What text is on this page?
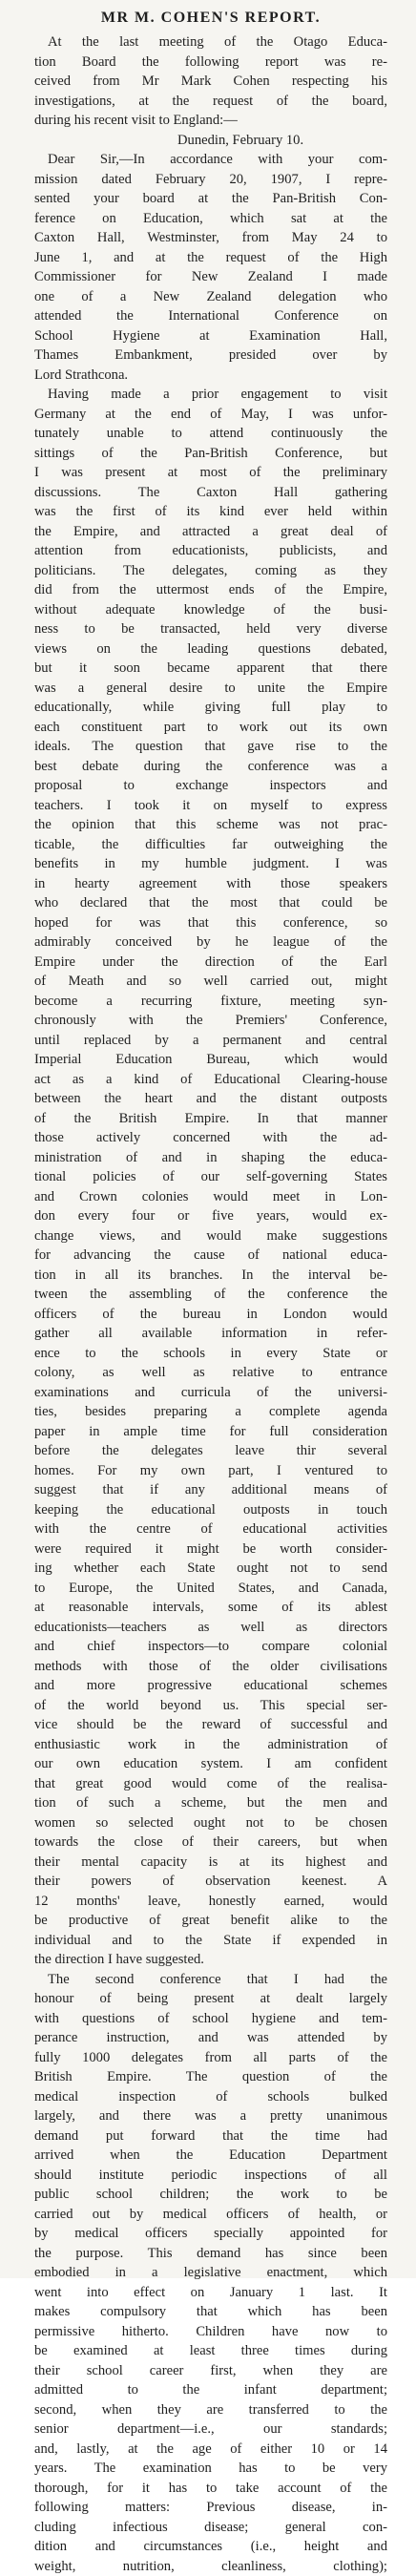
MR M. COHEN'S REPORT.
At the last meeting of the Otago Educa-
tion Board the following report was re-
ceived from Mr Mark Cohen respecting his
investigations, at the request of the board,
during his recent visit to England:—
Dunedin, February 10.
Dear Sir,—In accordance with your com-
mission dated February 20, 1907, I repre-
sented your board at the Pan-British Con-
ference on Education, which sat at the
Caxton Hall, Westminster, from May 24 to
June 1, and at the request of the High
Commissioner for New Zealand I made
one of a New Zealand delegation who
attended the International Conference on
School Hygiene at Examination Hall,
Thames Embankment, presided over by
Lord Strathcona.
Having made a prior engagement to visit
Germany at the end of May, I was unfor-
tunately unable to attend continuously the
sittings of the Pan-British Conference, but
I was present at most of the preliminary
discussions. The Caxton Hall gathering
was the first of its kind ever held within
the Empire, and attracted a great deal of
attention from educationists, publicists, and
politicians. The delegates, coming as they
did from the uttermost ends of the Empire,
without adequate knowledge of the busi-
ness to be transacted, held very diverse
views on the leading questions debated,
but it soon became apparent that there
was a general desire to unite the Empire
educationally, while giving full play to
each constituent part to work out its own
ideals. The question that gave rise to the
best debate during the conference was a
proposal to exchange inspectors and
teachers. I took it on myself to express
the opinion that this scheme was not prac-
ticable, the difficulties far outweighing the
benefits in my humble judgment. I was
in hearty agreement with those speakers
who declared that the most that could be
hoped for was that this conference, so
admirably conceived by he league of the
Empire under the direction of the Earl
of Meath and so well carried out, might
become a recurring fixture, meeting syn-
chronously with the Premiers' Conference,
until replaced by a permanent and central
Imperial Education Bureau, which would
act as a kind of Educational Clearing-house
between the heart and the distant outposts
of the British Empire. In that manner
those actively concerned with the ad-
ministration of and in shaping the educa-
tional policies of our self-governing States
and Crown colonies would meet in Lon-
don every four or five years, would ex-
change views, and would make suggestions
for advancing the cause of national educa-
tion in all its branches. In the interval be-
tween the assembling of the conference the
officers of the bureau in London would
gather all available information in refer-
ence to the schools in every State or
colony, as well as relative to entrance
examinations and curricula of the universi-
ties, besides preparing a complete agenda
paper in ample time for full consideration
before the delegates leave thir several
homes. For my own part, I ventured to
suggest that if any additional means of
keeping the educational outposts in touch
with the centre of educational activities
were required it might be worth consider-
ing whether each State ought not to send
to Europe, the United States, and Canada,
at reasonable intervals, some of its ablest
educationists—teachers as well as directors
and chief inspectors—to compare colonial
methods with those of the older civilisations
and more progressive educational schemes
of the world beyond us. This special ser-
vice should be the reward of successful and
enthusiastic work in the administration of
our own education system. I am confident
that great good would come of the realisa-
tion of such a scheme, but the men and
women so selected ought not to be chosen
towards the close of their careers, but when
their mental capacity is at its highest and
their powers of observation keenest. A
12 months' leave, honestly earned, would
be productive of great benefit alike to the
individual and to the State if expended in
the direction I have suggested.
The second conference that I had the
honour of being present at dealt largely
with questions of school hygiene and tem-
perance instruction, and was attended by
fully 1000 delegates from all parts of the
British Empire. The question of the
medical inspection of schools bulked
largely, and there was a pretty unanimous
demand put forward that the time had
arrived when the Education Department
should institute periodic inspections of all
public school children; the work to be
carried out by medical officers of health, or
by medical officers specially appointed for
the purpose. This demand has since been
embodied in a legislative enactment, which
went into effect on January 1 last. It
makes compulsory that which has been
permissive hitherto. Children have now to
be examined at least three times during
their school career first, when they are
admitted to the infant department;
second, when they are transferred to the
senior department—i.e., our standards;
and, lastly, at the age of either 10 or 14
years. The examination has to be very
thorough, for it has to take account of the
following matters: Previous disease, in-
cluding infectious disease; general con-
dition and circumstances (i.e., height and
weight, nutrition, cleanliness, clothing);
